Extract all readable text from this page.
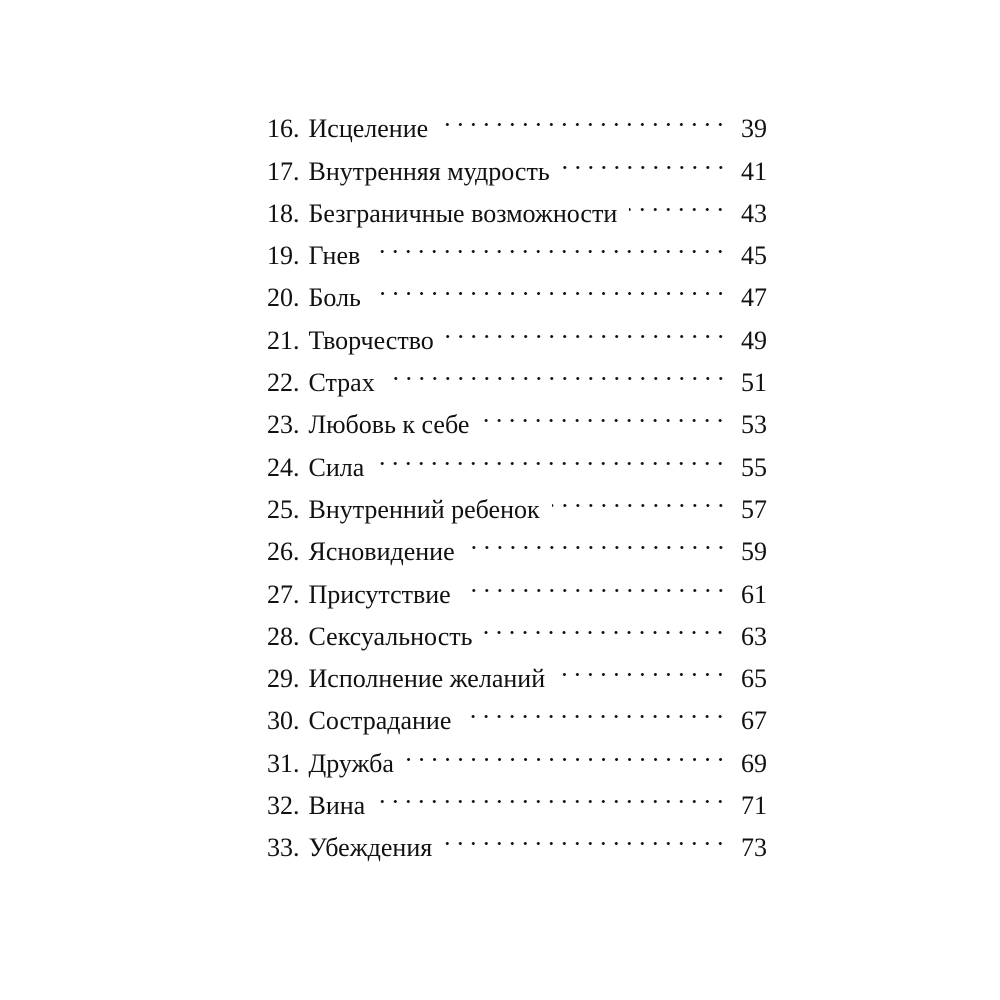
16. Исцеление	39
17. Внутренняя мудрость	41
18. Безграничные возможности	43
19. Гнев	45
20. Боль	47
21. Творчество	49
22. Страх	51
23. Любовь к себе	53
24. Сила	55
25. Внутренний ребенок	57
26. Ясновидение	59
27. Присутствие	61
28. Сексуальность	63
29. Исполнение желаний	65
30. Сострадание	67
31. Дружба	69
32. Вина	71
33. Убеждения	73
